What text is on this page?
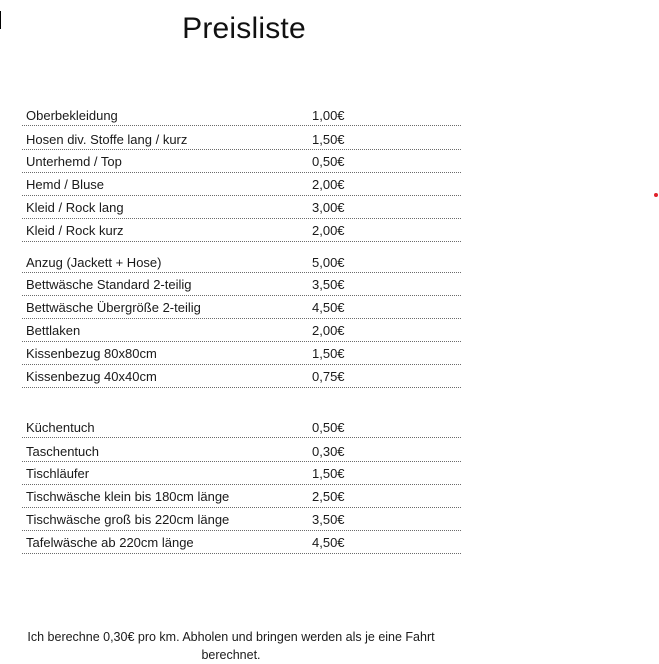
Preisliste
Oberbekleidung	1,00€
Hosen div. Stoffe lang / kurz	1,50€
Unterhemd / Top	0,50€
Hemd / Bluse	2,00€
Kleid / Rock lang	3,00€
Kleid / Rock kurz	2,00€
Anzug (Jackett + Hose)	5,00€
Bettwäsche Standard 2-teilig	3,50€
Bettwäsche Übergröße 2-teilig	4,50€
Bettlaken	2,00€
Kissenbezug 80x80cm	1,50€
Kissenbezug 40x40cm	0,75€
Küchentuch	0,50€
Taschentuch	0,30€
Tischläufer	1,50€
Tischwäsche klein bis 180cm länge	2,50€
Tischwäsche groß bis 220cm länge	3,50€
Tafelwäsche ab 220cm länge	4,50€
Ich berechne 0,30€ pro km. Abholen und bringen werden als je eine Fahrt
berechnet.
